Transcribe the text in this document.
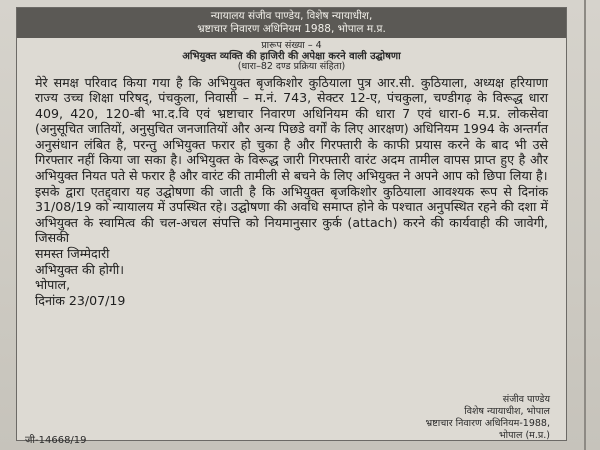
न्यायालय संजीव पाण्डेय, विशेष न्यायाधीश,
भ्रष्टाचार निवारण अधिनियम 1988, भोपाल म.प्र.
प्रारूप संख्या – 4
अभियुक्त व्यक्ति की हाजिरी की अपेक्षा करने वाली उद्घोषणा
(धारा–82 दण्ड प्रक्रिया संहिता)

मेरे समक्ष परिवाद किया गया है कि अभियुक्त बृजकिशोर कुठियाला पुत्र आर.सी. कुठियाला, अध्यक्ष हरियाणा राज्य उच्च शिक्षा परिषद्, पंचकुला, निवासी – म.नं. 743, सेक्टर 12-ए, पंचकुला, चण्डीगढ़ के विरूद्ध धारा 409, 420, 120-बी भा.द.वि एवं भ्रष्टाचार निवारण अधिनियम की धारा 7 एवं धारा-6 म.प्र. लोकसेवा (अनुसूचित जातियों, अनुसुचित जनजातियों और अन्य पिछडे वर्गों के लिए आरक्षण) अधिनियम 1994 के अन्तर्गत अनुसंधान लंबित है, परन्तु अभियुक्त फरार हो चुका है और गिरफ्तारी के काफी प्रयास करने के बाद भी उसे गिरफ्तार नहीं किया जा सका है। अभियुक्त के विरूद्ध जारी गिरफ्तारी वारंट अदम तामील वापस प्राप्त हुए है और अभियुक्त नियत पते से फरार है और वारंट की तामीली से बचने के लिए अभियुक्त ने अपने आप को छिपा लिया है।

इसके द्वारा एतद्द्वारा यह उद्घोषणा की जाती है कि अभियुक्त बृजकिशोर कुठियाला आवश्यक रूप से दिनांक 31/08/19 को न्यायालय में उपस्थित रहे। उद्घोषणा की अवधि समाप्त होने के पश्चात अनुपस्थित रहने की दशा में अभियुक्त के स्वामित्व की चल-अचल संपत्ति को नियमानुसार कुर्क (attach) करने की कार्यवाही की जावेगी, जिसकी

समस्त जिम्मेदारी
अभियुक्त की होगी।
भोपाल,
दिनांक 23/07/19
संजीव पाण्डेय
विशेष न्यायाधीश, भोपाल
भ्रष्टाचार निवारण अधिनियम-1988,
भोपाल (म.प्र.)
जी-14668/19
